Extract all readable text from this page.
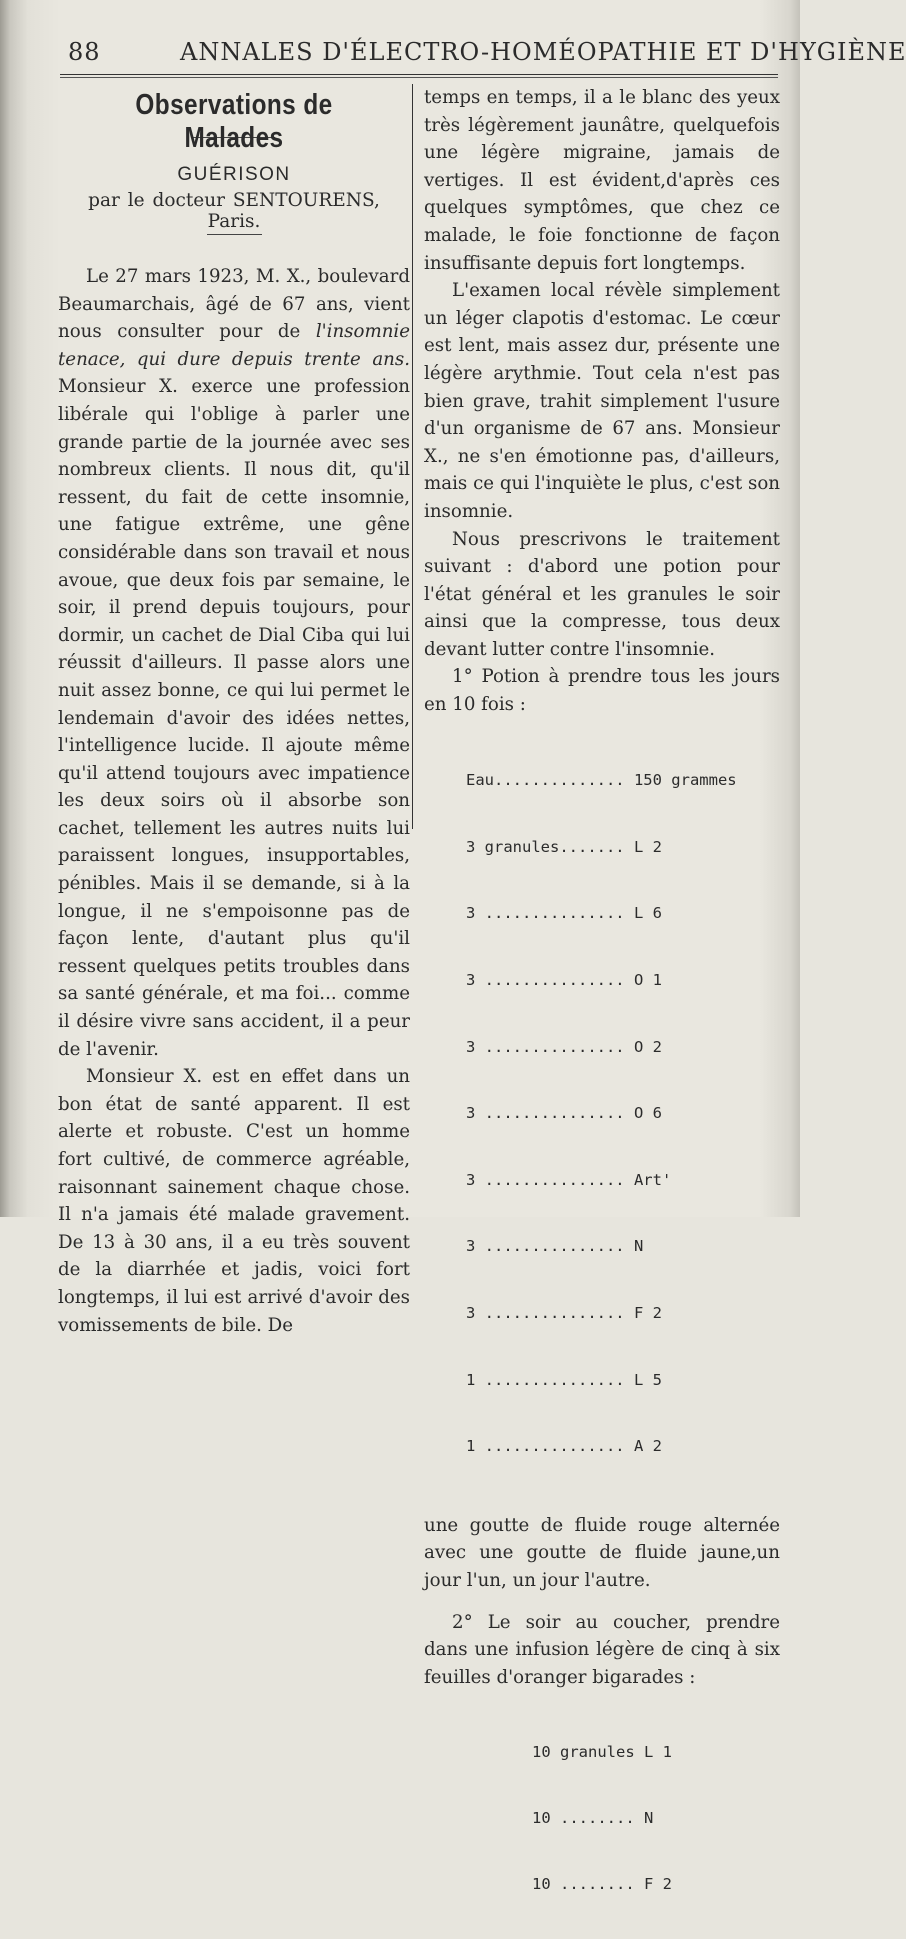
88	ANNALES D'ÉLECTRO-HOMÉOPATHIE ET D'HYGIÈNE
Observations de Malades
GUÉRISON
par le docteur SENTOURENS, Paris.

Le 27 mars 1923, M. X., boulevard Beaumarchais, âgé de 67 ans, vient nous consulter pour de l'insomnie tenace, qui dure depuis trente ans. Monsieur X. exerce une profession libérale qui l'oblige à parler une grande partie de la journée avec ses nombreux clients. Il nous dit, qu'il ressent, du fait de cette insomnie, une fatigue extrême, une gêne considérable dans son travail et nous avoue, que deux fois par semaine, le soir, il prend depuis toujours, pour dormir, un cachet de Dial Ciba qui lui réussit d'ailleurs. Il passe alors une nuit assez bonne, ce qui lui permet le lendemain d'avoir des idées nettes, l'intelligence lucide. Il ajoute même qu'il attend toujours avec impatience les deux soirs où il absorbe son cachet, tellement les autres nuits lui paraissent longues, insupportables, pénibles. Mais il se demande, si à la longue, il ne s'empoisonne pas de façon lente, d'autant plus qu'il ressent quelques petits troubles dans sa santé générale, et ma foi... comme il désire vivre sans accident, il a peur de l'avenir.

Monsieur X. est en effet dans un bon état de santé apparent. Il est alerte et robuste. C'est un homme fort cultivé, de commerce agréable, raisonnant sainement chaque chose. Il n'a jamais été malade gravement. De 13 à 30 ans, il a eu très souvent de la diarrhée et jadis, voici fort longtemps, il lui est arrivé d'avoir des vomissements de bile. De

temps en temps, il a le blanc des yeux très légèrement jaunâtre, quelquefois une légère migraine, jamais de vertiges. Il est évident,d'après ces quelques symptômes, que chez ce malade, le foie fonctionne de façon insuffisante depuis fort longtemps.

L'examen local révèle simplement un léger clapotis d'estomac. Le cœur est lent, mais assez dur, présente une légère arythmie. Tout cela n'est pas bien grave, trahit simplement l'usure d'un organisme de 67 ans. Monsieur X., ne s'en émotionne pas, d'ailleurs, mais ce qui l'inquiète le plus, c'est son insomnie.

Nous prescrivons le traitement suivant : d'abord une potion pour l'état général et les granules le soir ainsi que la compresse, tous deux devant lutter contre l'insomnie.

1° Potion à prendre tous les jours en 10 fois :

Eau.............. 150 grammes

3 granules....... L 2

3 ............... L 6

3 ............... O 1

3 ............... O 2

3 ............... O 6

3 ............... Art'

3 ............... N

3 ............... F 2

1 ............... L 5

1 ............... A 2

une goutte de fluide rouge alternée avec une goutte de fluide jaune,un jour l'un, un jour l'autre.

2° Le soir au coucher, prendre dans une infusion légère de cinq à six feuilles d'oranger bigarades :

10 granules L 1

10 ........ N

10 ........ F 2
